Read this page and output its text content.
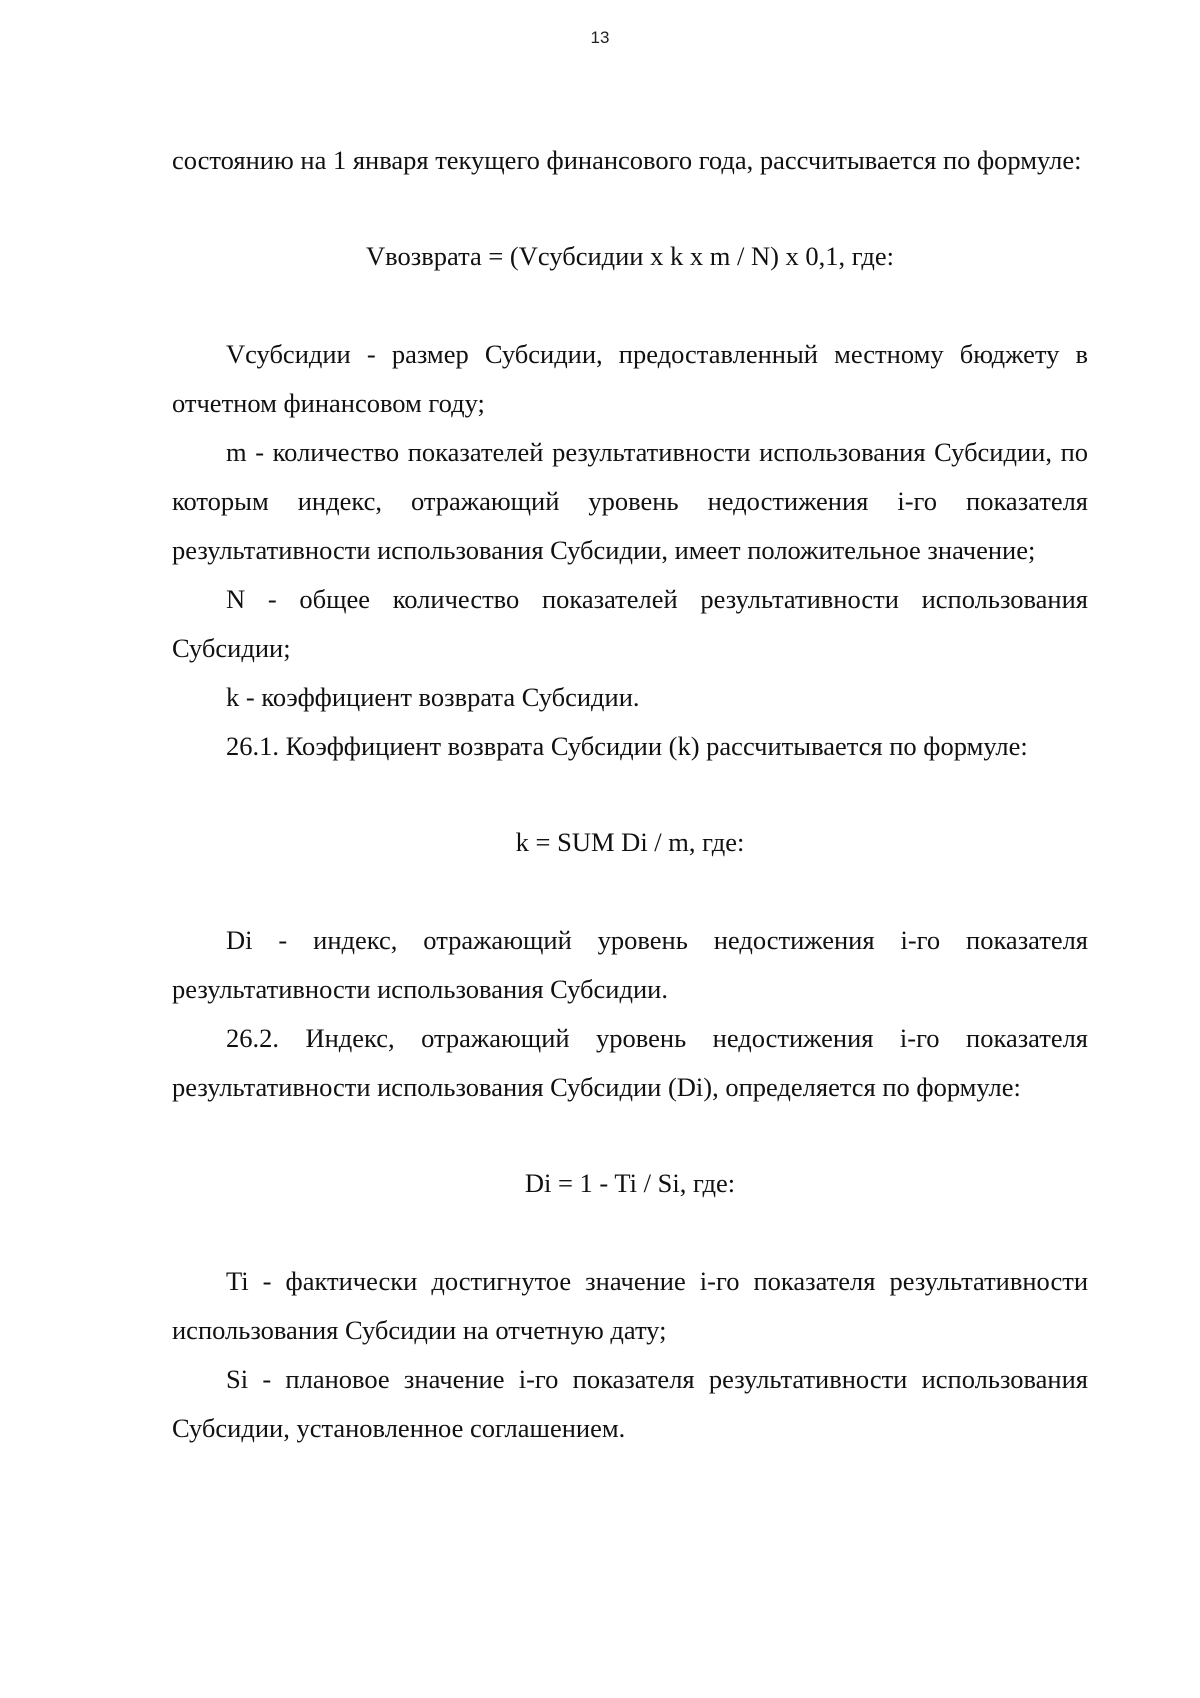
13

состоянию на 1 января текущего финансового года, рассчитывается по формуле:

Vвозврата = (Vсубсидии x k x m / N) x 0,1, где:

Vсубсидии - размер Субсидии, предоставленный местному бюджету в отчетном финансовом году;

m - количество показателей результативности использования Субсидии, по которым индекс, отражающий уровень недостижения i-го показателя результативности использования Субсидии, имеет положительное значение;

N - общее количество показателей результативности использования Субсидии;

k - коэффициент возврата Субсидии.

26.1. Коэффициент возврата Субсидии (k) рассчитывается по формуле:

k = SUM Di / m, где:

Di - индекс, отражающий уровень недостижения i-го показателя результативности использования Субсидии.

26.2. Индекс, отражающий уровень недостижения i-го показателя результативности использования Субсидии (Di), определяется по формуле:

Di = 1 - Ti / Si, где:

Ti - фактически достигнутое значение i-го показателя результативности использования Субсидии на отчетную дату;

Si - плановое значение i-го показателя результативности использования Субсидии, установленное соглашением.
